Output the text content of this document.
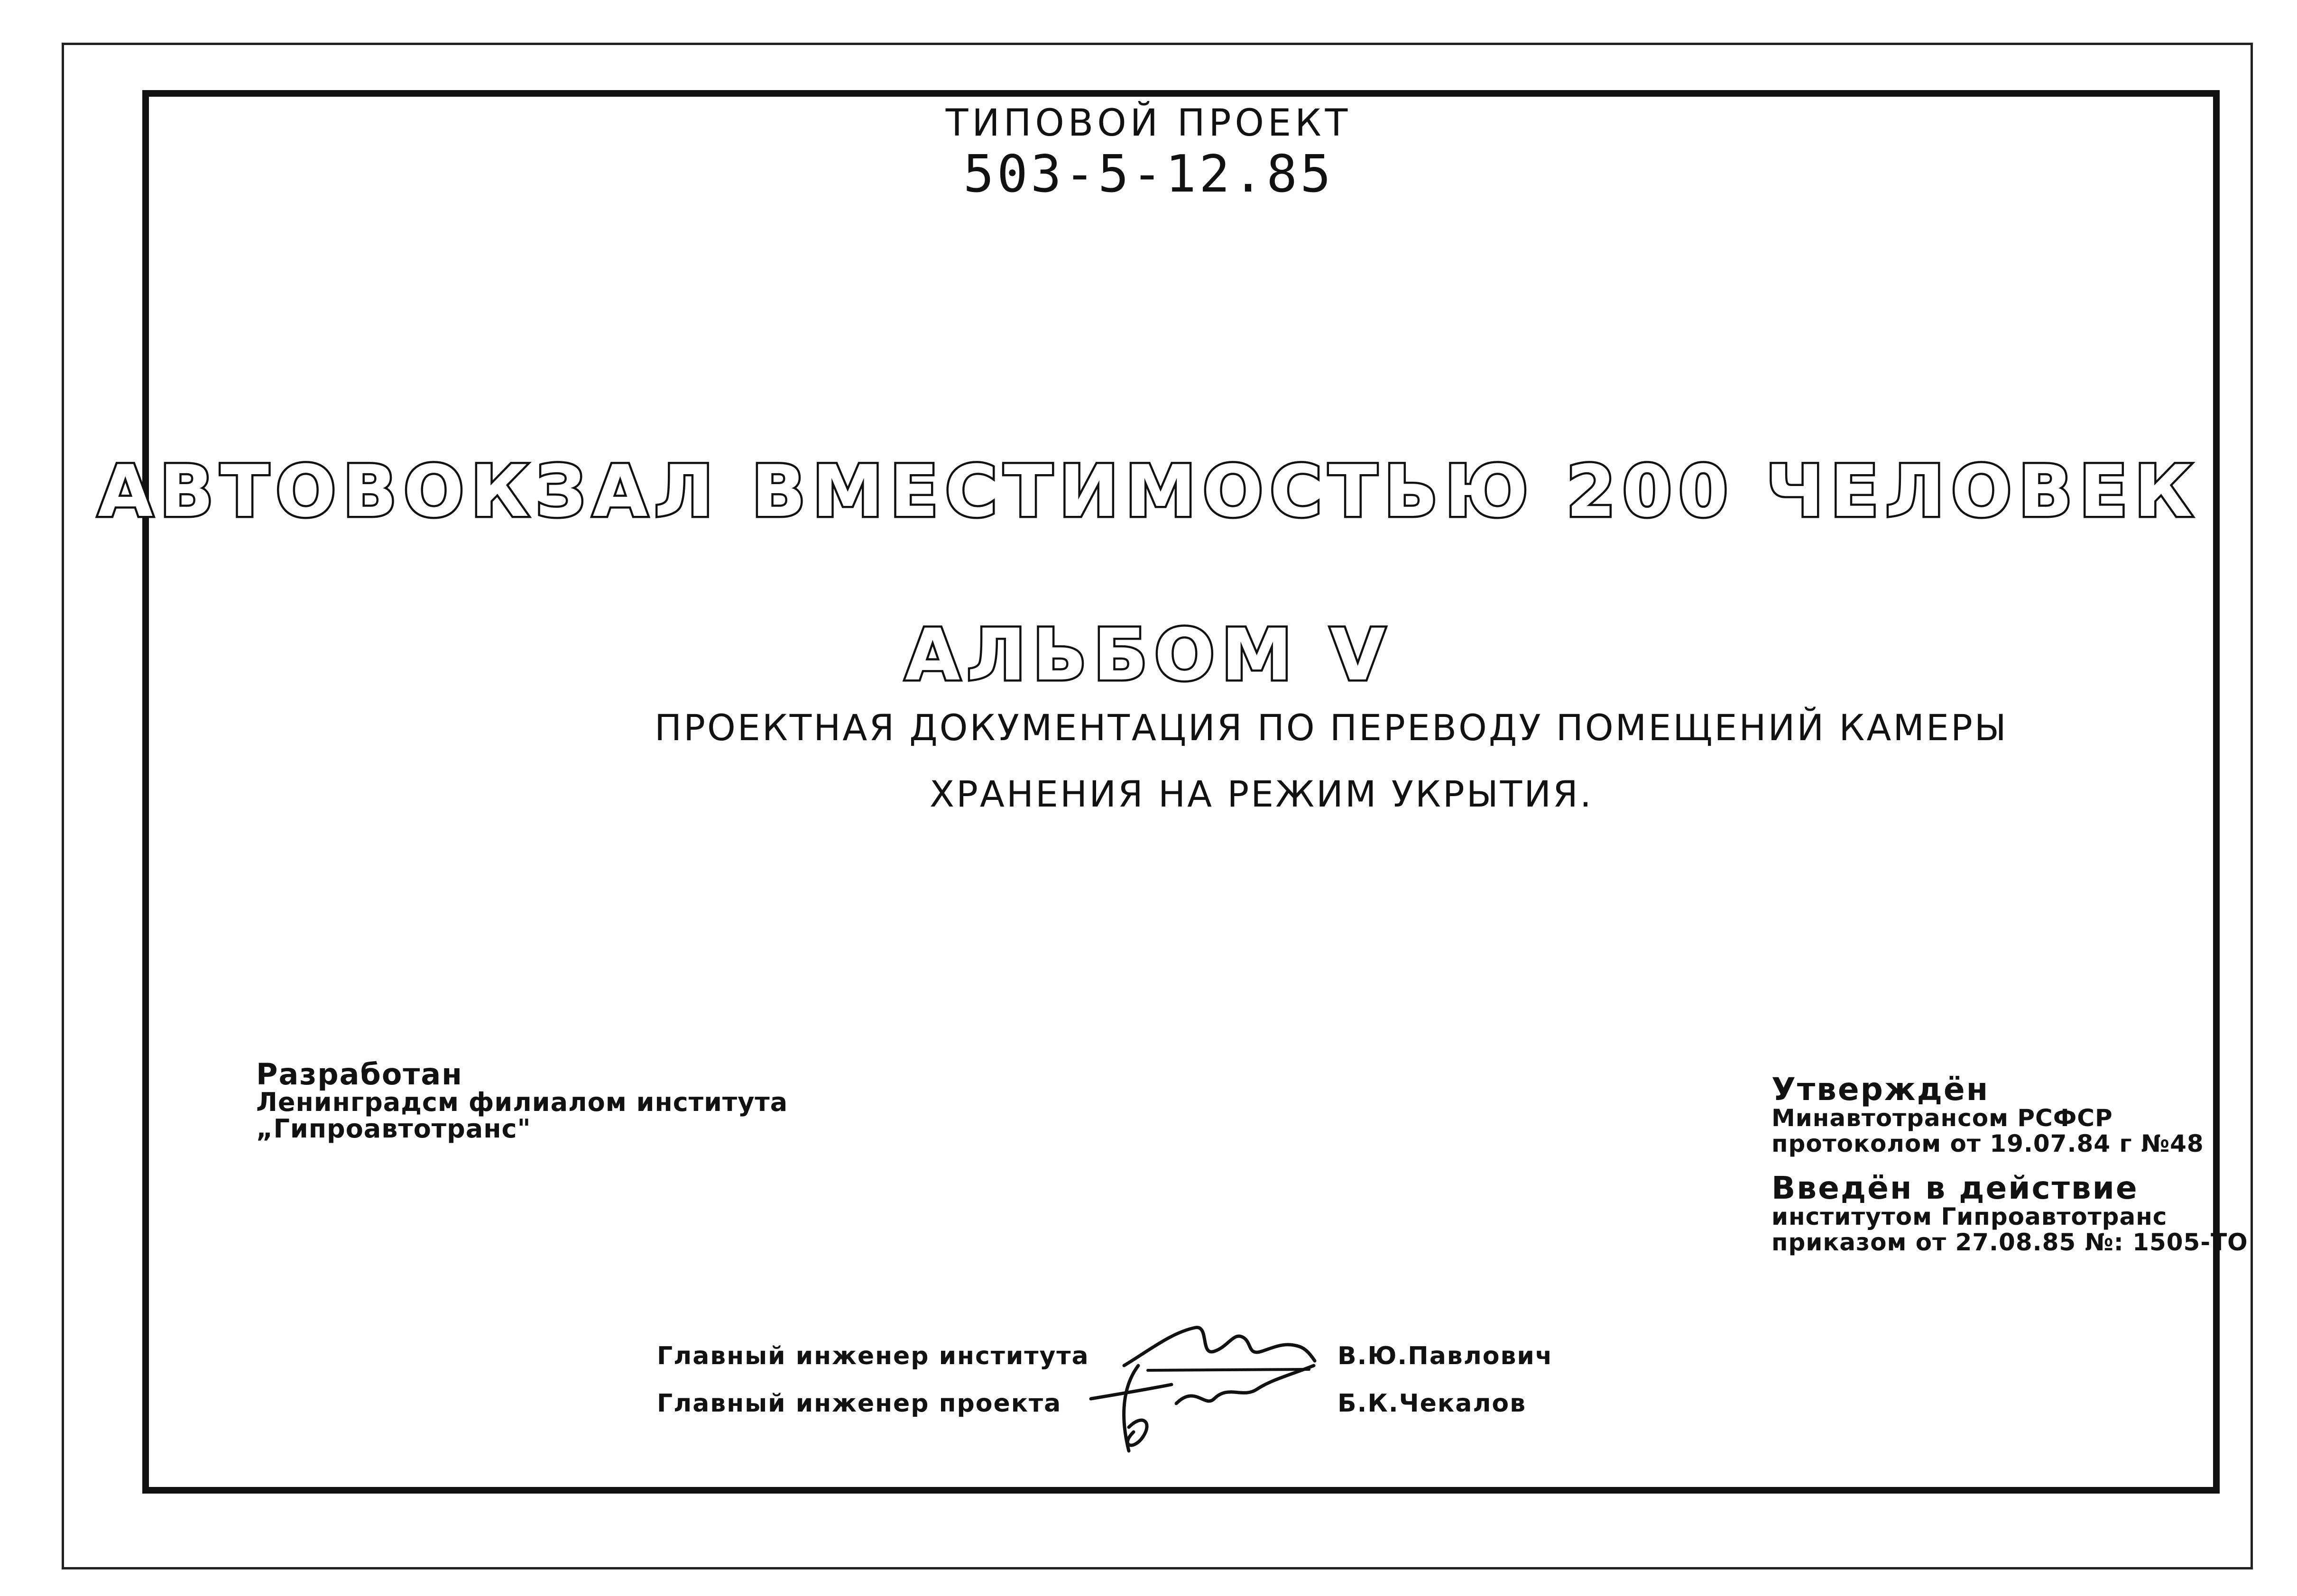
ТИПОВОЙ ПРОЕКТ
503-5-12.85
АВТОВОКЗАЛ ВМЕСТИМОСТЬЮ 200 ЧЕЛОВЕК
АЛЬБОМ V
ПРОЕКТНАЯ ДОКУМЕНТАЦИЯ ПО ПЕРЕВОДУ ПОМЕЩЕНИЙ КАМЕРЫ
ХРАНЕНИЯ НА РЕЖИМ УКРЫТИЯ.
Разработан
Ленинградсм филиалом института
„Гипроавтотранс"
Утверждён
Минавтотрансом РСФСР
протоколом от 19.07.84 г №48
Введён в действие
институтом Гипроавтотранс
приказом от 27.08.85 №: 1505-ТО
Главный инженер института	В.Ю.Павлович
Главный инженер проекта	Б.К.Чекалов
